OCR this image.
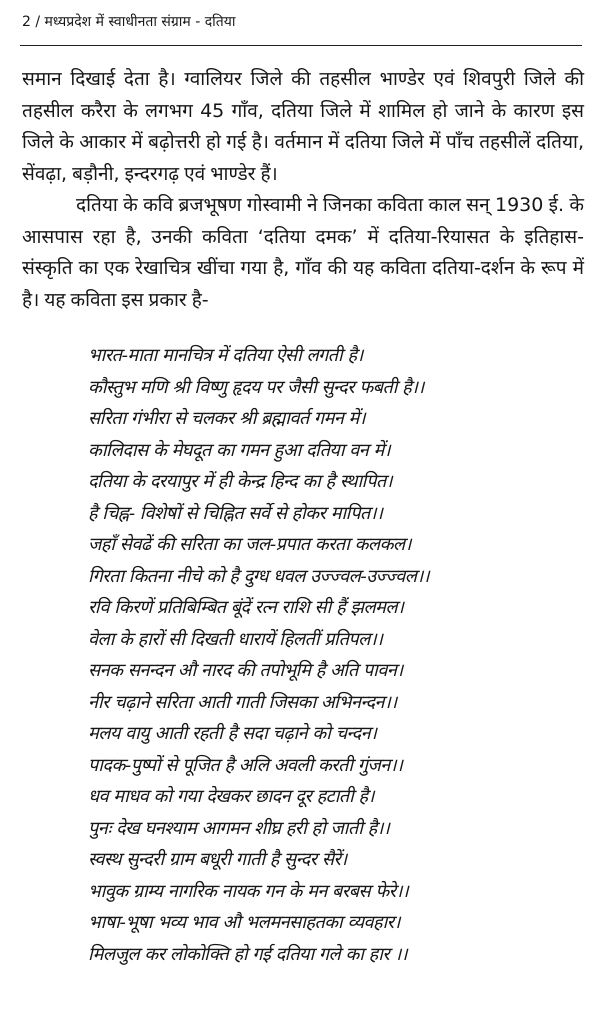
2 / मध्यप्रदेश में स्वाधीनता संग्राम - दतिया

समान दिखाई देता है। ग्वालियर जिले की तहसील भाण्डेर एवं शिवपुरी जिले की तहसील करैरा के लगभग 45 गाँव, दतिया जिले में शामिल हो जाने के कारण इस जिले के आकार में बढ़ोत्तरी हो गई है। वर्तमान में दतिया जिले में पाँच तहसीलें दतिया, सेंवढ़ा, बड़ौनी, इन्दरगढ़ एवं भाण्डेर हैं।

दतिया के कवि ब्रजभूषण गोस्वामी ने जिनका कविता काल सन् 1930 ई. के आसपास रहा है, उनकी कविता ‘दतिया दमक’ में दतिया-रियासत के इतिहास-संस्कृति का एक रेखाचित्र खींचा गया है, गाँव की यह कविता दतिया-दर्शन के रूप में है। यह कविता इस प्रकार है-

भारत-माता मानचित्र में दतिया ऐसी लगती है।
कौस्तुभ मणि श्री विष्णु हृदय पर जैसी सुन्दर फबती है।।
सरिता गंभीरा से चलकर श्री ब्रह्मावर्त गमन में।
कालिदास के मेघदूत का गमन हुआ दतिया वन में।
दतिया के दरयापुर में ही केन्द्र हिन्द का है स्थापित।
है चिह्न- विशेषों से चिह्नित सर्वे से होकर मापित।।
जहाँ सेवढें की सरिता का जल-प्रपात करता कलकल।
गिरता कितना नीचे को है दुग्ध धवल उज्ज्वल-उज्ज्वल।।
रवि किरणें प्रतिबिम्बित बूंदें रत्न राशि सी हैं झलमल।
वेला के हारों सी दिखती धारायें हिलतीं प्रतिपल।।
सनक सनन्दन औ नारद की तपोभूमि है अति पावन।
नीर चढ़ाने सरिता आती गाती जिसका अभिनन्दन।।
मलय वायु आती रहती है सदा चढ़ाने को चन्दन।
पादक-पुष्पों से पूजित है अलि अवली करती गुंजन।।
धव माधव को गया देखकर छादन दूर हटाती है।
पुनः देख घनश्याम आगमन शीघ्र हरी हो जाती है।।
स्वस्थ सुन्दरी ग्राम बधूरी गाती है सुन्दर सैरें।
भावुक ग्राम्य नागरिक नायक गन के मन बरबस फेरे।।
भाषा-भूषा भव्य भाव औ भलमनसाहतका व्यवहार।
मिलजुल कर लोकोक्ति हो गई दतिया गले का हार ।।
